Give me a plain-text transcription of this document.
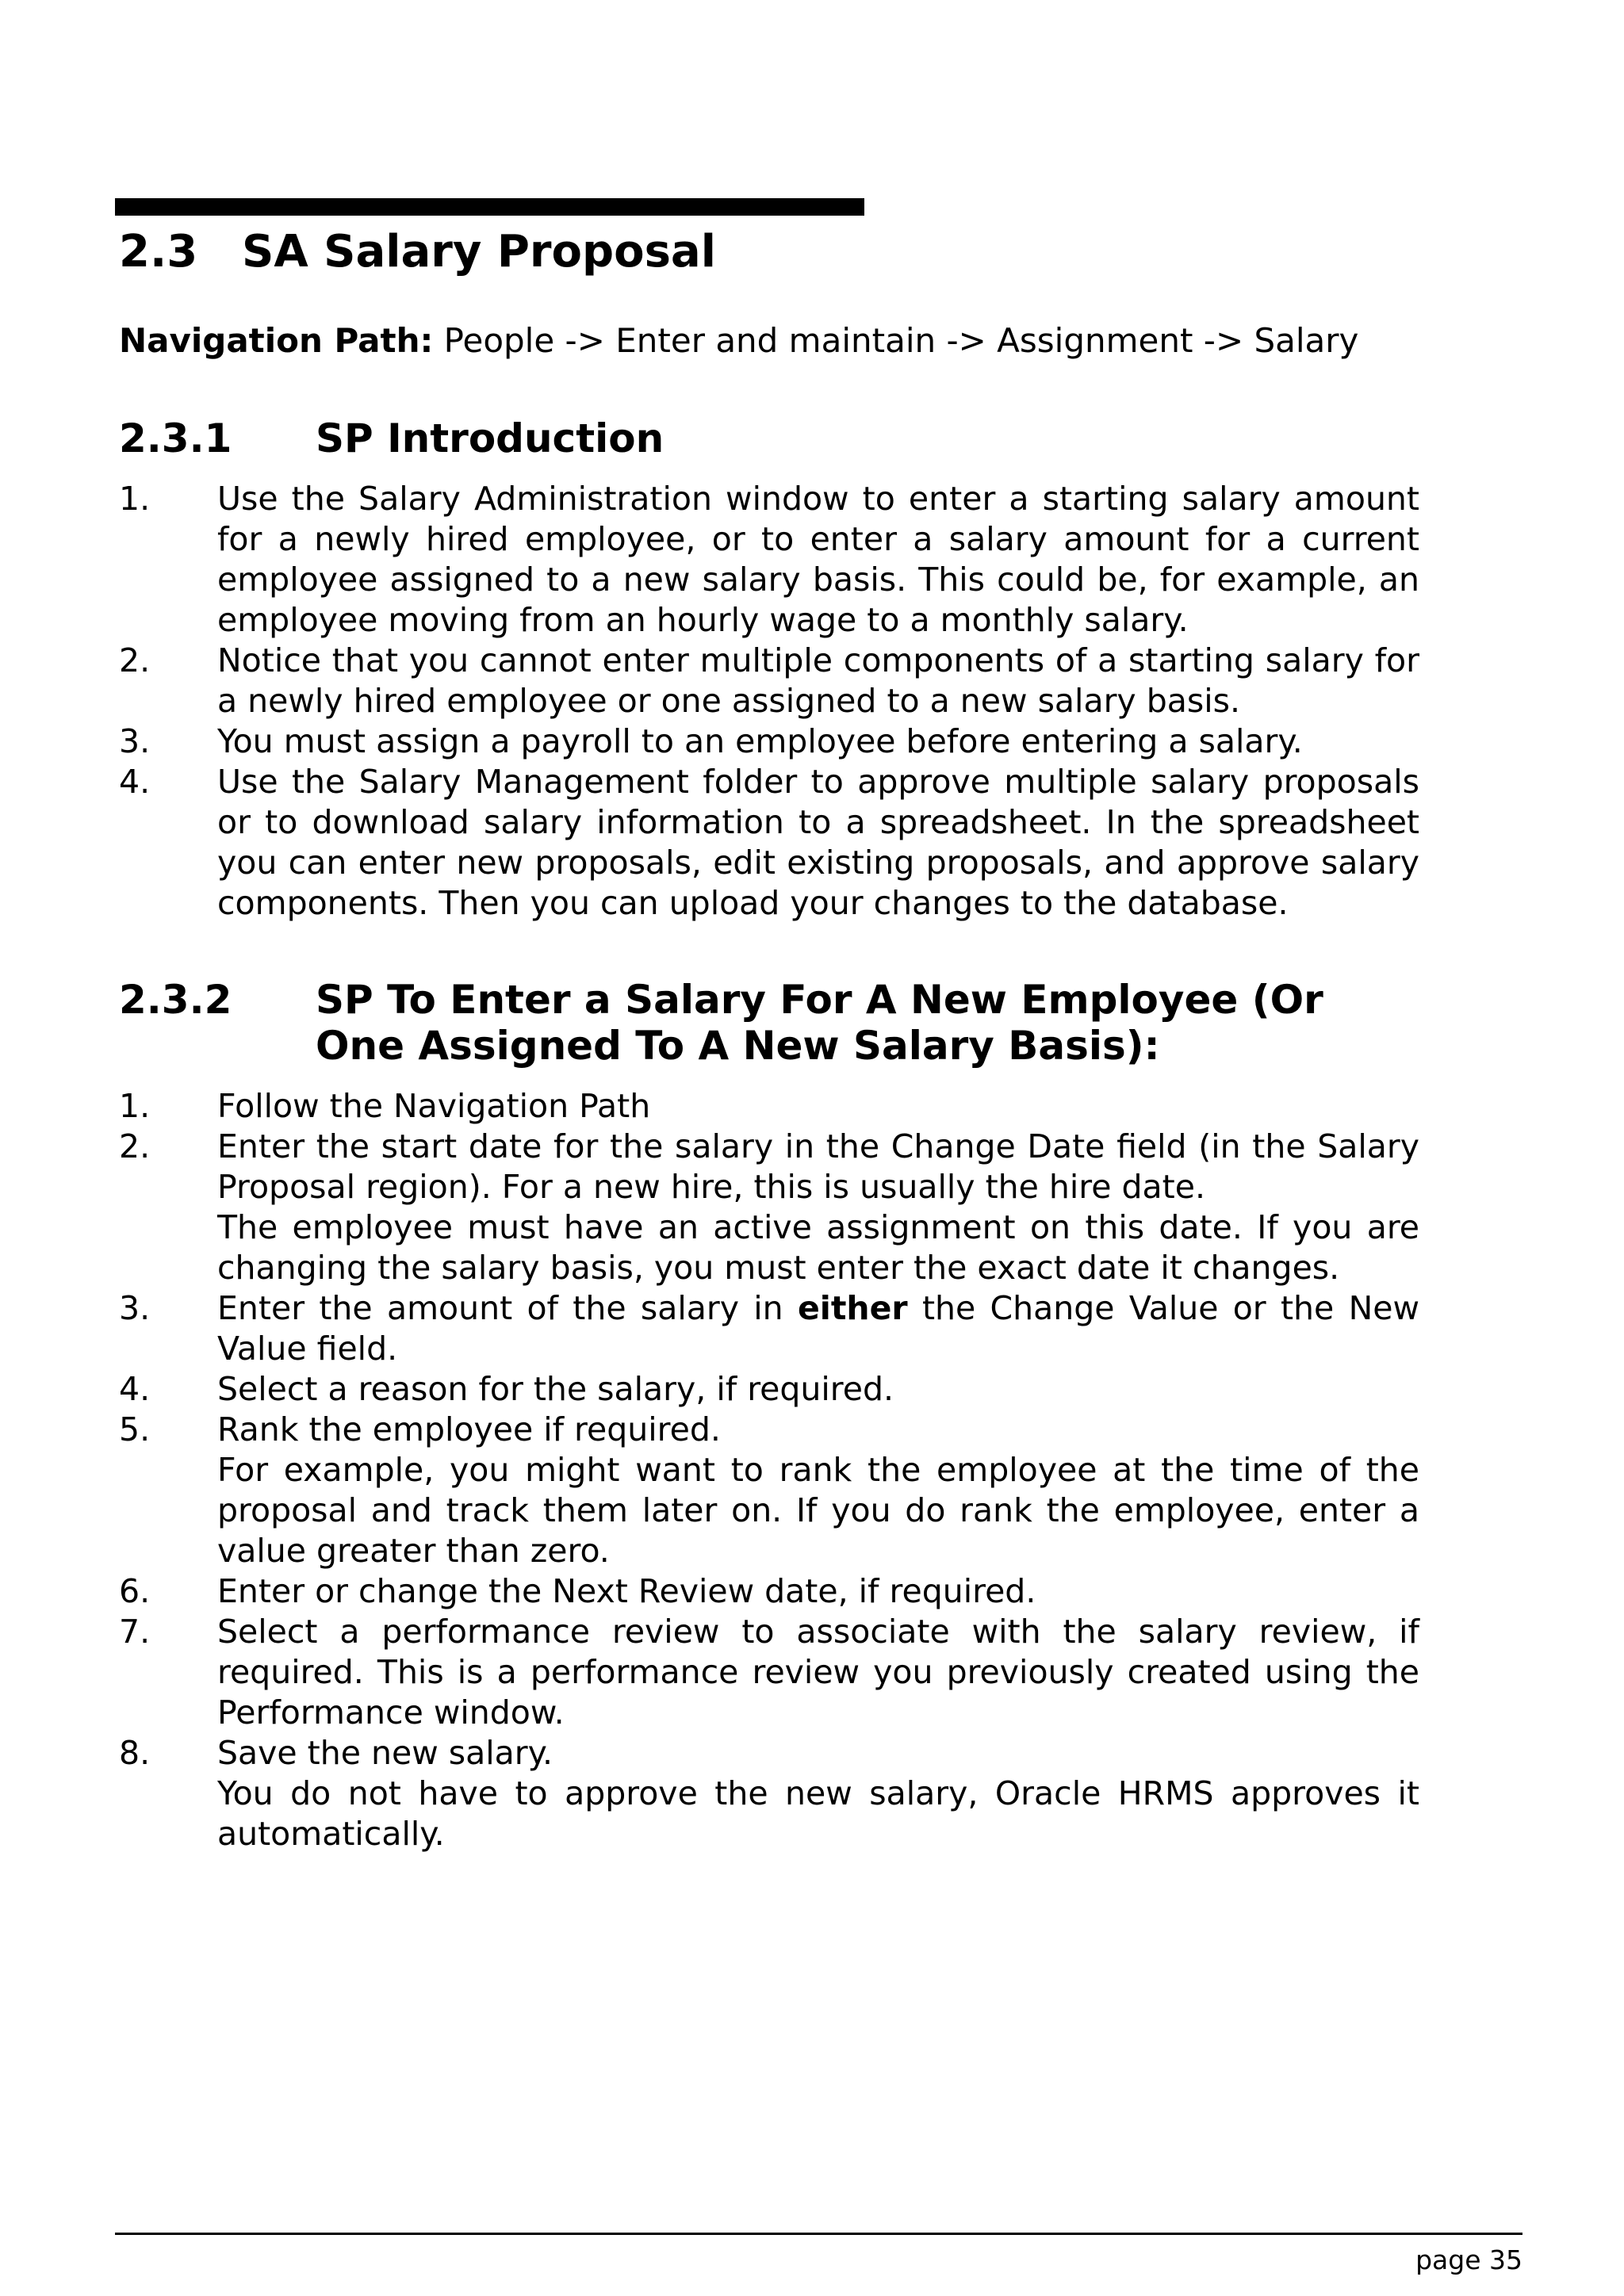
2.3 SA Salary Proposal
Navigation Path: People -> Enter and maintain -> Assignment -> Salary
2.3.1 SP Introduction
1. Use the Salary Administration window to enter a starting salary amount for a newly hired employee, or to enter a salary amount for a current employee assigned to a new salary basis. This could be, for example, an employee moving from an hourly wage to a monthly salary.
2. Notice that you cannot enter multiple components of a starting salary for a newly hired employee or one assigned to a new salary basis.
3. You must assign a payroll to an employee before entering a salary.
4. Use the Salary Management folder to approve multiple salary proposals or to download salary information to a spreadsheet. In the spreadsheet you can enter new proposals, edit existing proposals, and approve salary components. Then you can upload your changes to the database.
2.3.2 SP To Enter a Salary For A New Employee (Or One Assigned To A New Salary Basis):
1. Follow the Navigation Path
2. Enter the start date for the salary in the Change Date field (in the Salary Proposal region). For a new hire, this is usually the hire date.
The employee must have an active assignment on this date. If you are changing the salary basis, you must enter the exact date it changes.
3. Enter the amount of the salary in either the Change Value or the New Value field.
4. Select a reason for the salary, if required.
5. Rank the employee if required.
For example, you might want to rank the employee at the time of the proposal and track them later on. If you do rank the employee, enter a value greater than zero.
6. Enter or change the Next Review date, if required.
7. Select a performance review to associate with the salary review, if required. This is a performance review you previously created using the Performance window.
8. Save the new salary.
You do not have to approve the new salary, Oracle HRMS approves it automatically.
page 35
